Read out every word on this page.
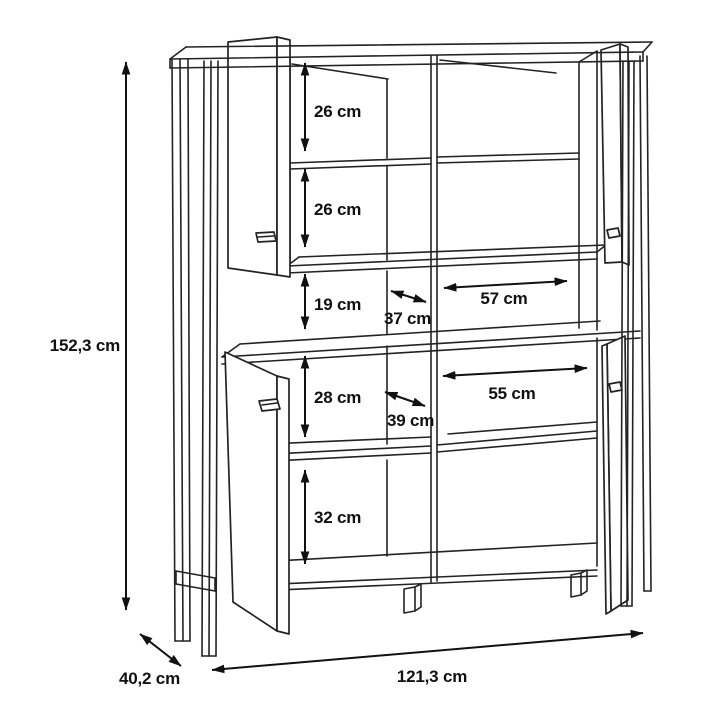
152,3 cm
40,2 cm	121,3 cm
26 cm
26 cm
19 cm
37 cm
57 cm
28 cm
39 cm
55 cm
32 cm
